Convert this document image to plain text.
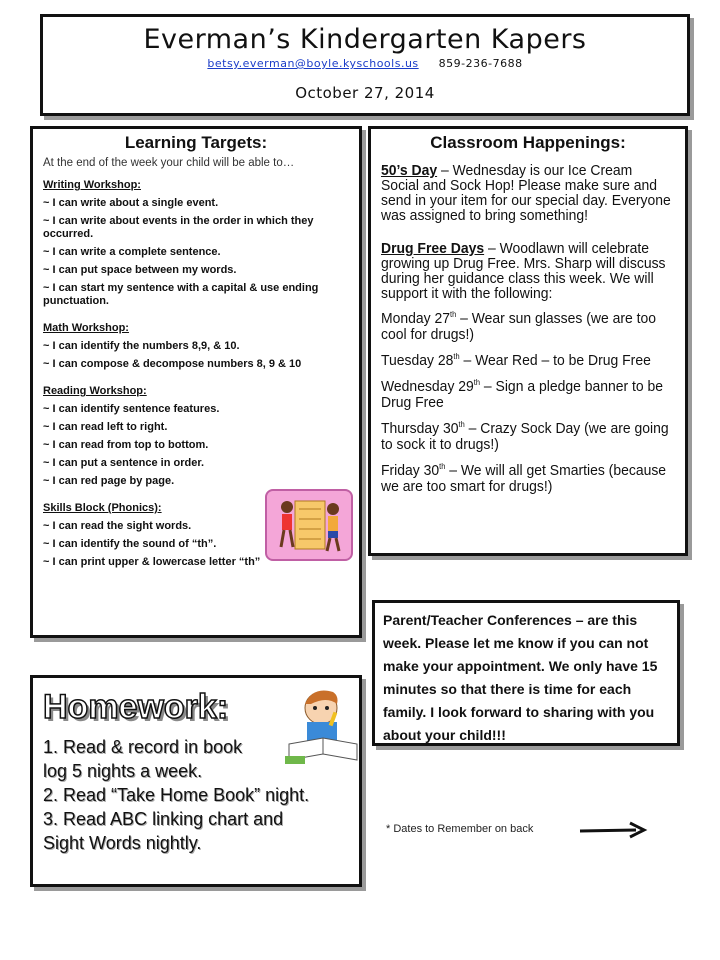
Everman’s Kindergarten Kapers
betsy.everman@boyle.kyschools.us 859-236-7688
October 27, 2014
Learning Targets:
At the end of the week your child will be able to…
Writing Workshop:
~ I can write about a single event.
~ I can write about events in the order in which they occurred.
~ I can write a complete sentence.
~ I can put space between my words.
~ I can start my sentence with a capital & use ending punctuation.
Math Workshop:
~ I can identify the numbers 8,9, & 10.
~ I can compose & decompose numbers 8, 9 & 10
Reading Workshop:
~ I can identify sentence features.
~ I can read left to right.
~ I can read from top to bottom.
~ I can put a sentence in order.
~ I can red page by page.
Skills Block (Phonics):
~ I can read the sight words.
~ I can identify the sound of “th”.
~ I can print upper & lowercase letter “th”
Classroom Happenings:

50’s Day – Wednesday is our Ice Cream Social and Sock Hop! Please make sure and send in your item for our special day. Everyone was assigned to bring something!

Drug Free Days – Woodlawn will celebrate growing up Drug Free. Mrs. Sharp will discuss during her guidance class this week. We will support it with the following:

Monday 27th – Wear sun glasses (we are too cool for drugs!)
Tuesday 28th – Wear Red – to be Drug Free
Wednesday 29th – Sign a pledge banner to be Drug Free
Thursday 30th – Crazy Sock Day (we are going to sock it to drugs!)
Friday 30th – We will all get Smarties (because we are too smart for drugs!)

Parent/Teacher Conferences – are this week. Please let me know if you can not make your appointment. We only have 15 minutes so that there is time for each family. I look forward to sharing with you about your child!!!

Homework:
1. Read & record in book
log 5 nights a week.
2. Read “Take Home Book” night.
3. Read ABC linking chart and
Sight Words nightly.
* Dates to Remember on back
